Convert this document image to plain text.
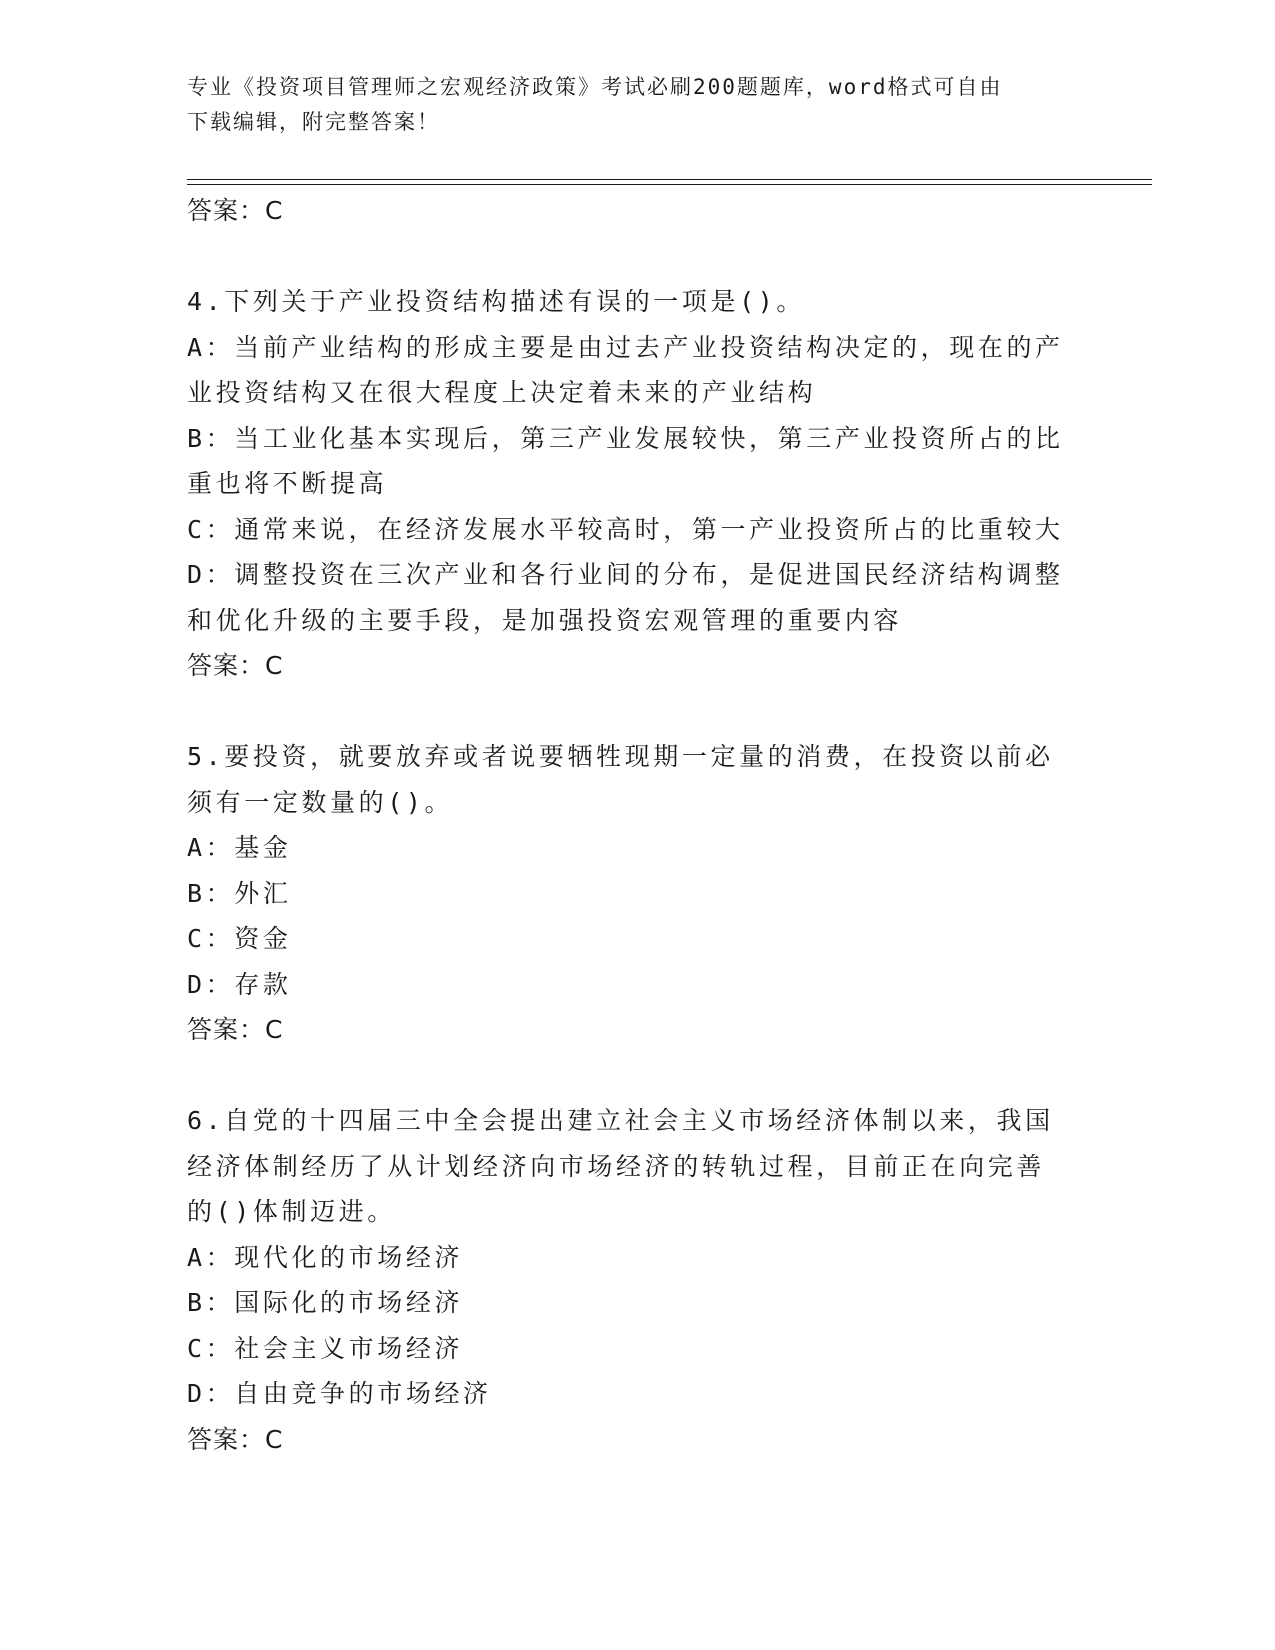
专业《投资项目管理师之宏观经济政策》考试必刷200题题库，word格式可自由
下载编辑，附完整答案！
答案：C
4.下列关于产业投资结构描述有误的一项是()。
A：当前产业结构的形成主要是由过去产业投资结构决定的，现在的产
业投资结构又在很大程度上决定着未来的产业结构
B：当工业化基本实现后，第三产业发展较快，第三产业投资所占的比
重也将不断提高
C：通常来说，在经济发展水平较高时，第一产业投资所占的比重较大
D：调整投资在三次产业和各行业间的分布，是促进国民经济结构调整
和优化升级的主要手段，是加强投资宏观管理的重要内容
答案：C
5.要投资，就要放弃或者说要牺牲现期一定量的消费，在投资以前必
须有一定数量的()。
A：基金
B：外汇
C：资金
D：存款
答案：C
6.自党的十四届三中全会提出建立社会主义市场经济体制以来，我国
经济体制经历了从计划经济向市场经济的转轨过程，目前正在向完善
的()体制迈进。
A：现代化的市场经济
B：国际化的市场经济
C：社会主义市场经济
D：自由竞争的市场经济
答案：C
